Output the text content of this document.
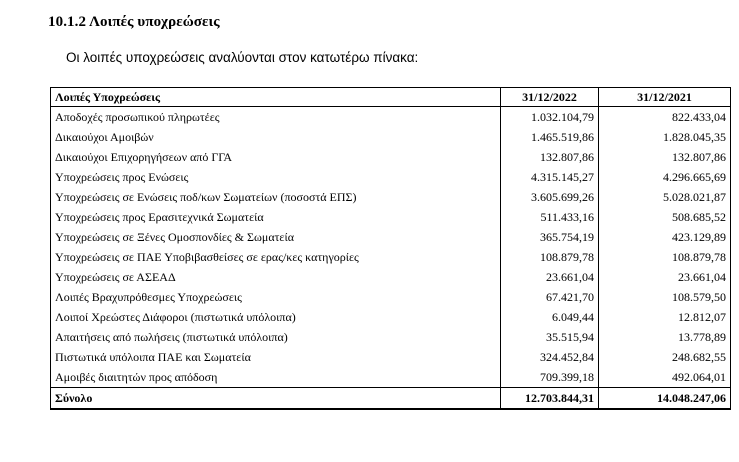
10.1.2 Λοιπές υποχρεώσεις
Οι λοιπές υποχρεώσεις αναλύονται στον κατωτέρω πίνακα:
Λοιπές Υποχρεώσεις	31/12/2022	31/12/2021
Αποδοχές προσωπικού πληρωτέες	1.032.104,79	822.433,04
Δικαιούχοι Αμοιβών	1.465.519,86	1.828.045,35
Δικαιούχοι Επιχορηγήσεων από ΓΓΑ	132.807,86	132.807,86
Υποχρεώσεις προς Ενώσεις	4.315.145,27	4.296.665,69
Υποχρεώσεις σε Ενώσεις ποδ/κων Σωματείων (ποσοστά ΕΠΣ)	3.605.699,26	5.028.021,87
Υποχρεώσεις προς Ερασιτεχνικά Σωματεία	511.433,16	508.685,52
Υποχρεώσεις σε Ξένες Ομοσπονδίες & Σωματεία	365.754,19	423.129,89
Υποχρεώσεις σε ΠΑΕ Υποβιβασθείσες σε ερας/κες κατηγορίες	108.879,78	108.879,78
Υποχρεώσεις σε ΑΣΕΑΔ	23.661,04	23.661,04
Λοιπές Βραχυπρόθεσμες Υποχρεώσεις	67.421,70	108.579,50
Λοιποί Χρεώστες Διάφοροι (πιστωτικά υπόλοιπα)	6.049,44	12.812,07
Απαιτήσεις από πωλήσεις (πιστωτικά υπόλοιπα)	35.515,94	13.778,89
Πιστωτικά υπόλοιπα ΠΑΕ και Σωματεία	324.452,84	248.682,55
Αμοιβές διαιτητών προς απόδοση	709.399,18	492.064,01
Σύνολο	12.703.844,31	14.048.247,06
